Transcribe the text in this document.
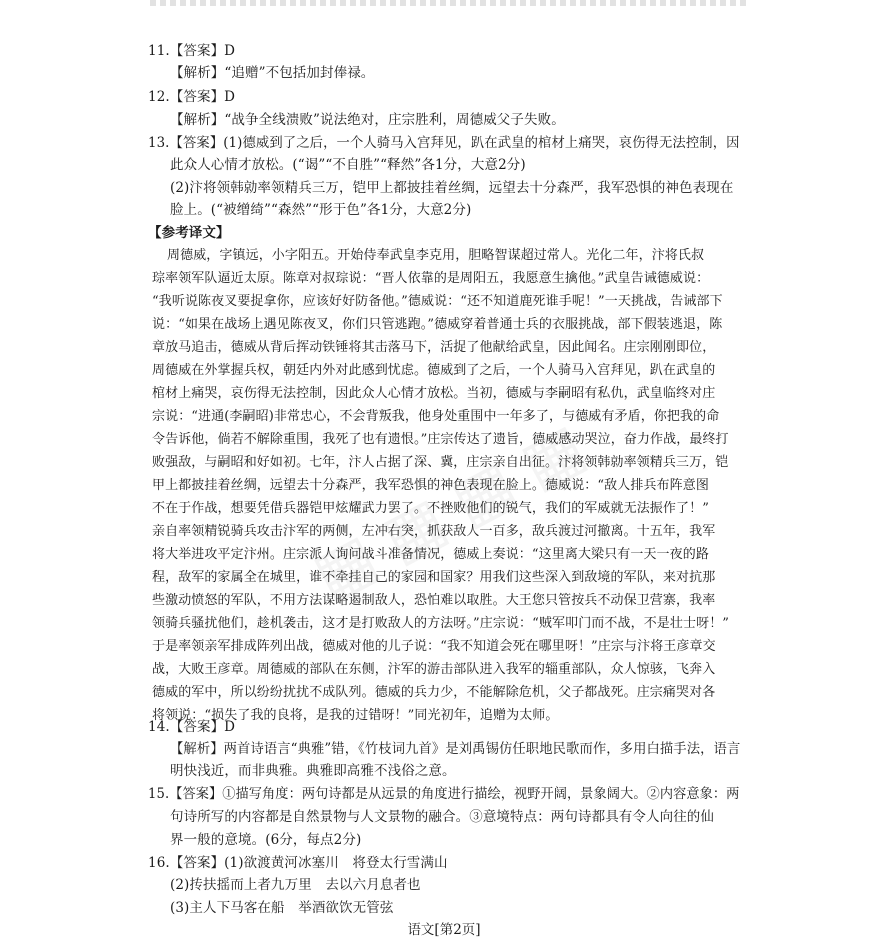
11.【答案】D
【解析】“追赠”不包括加封俸禄。
12.【答案】D
【解析】“战争全线溃败”说法绝对，庄宗胜利，周德威父子失败。
13.【答案】(1)德威到了之后，一个人骑马入宫拜见，趴在武皇的棺材上痛哭，哀伤得无法控制，因
此众人心情才放松。(“谒”“不自胜”“释然”各1分，大意2分)
(2)汴将领韩勍率领精兵三万，铠甲上都披挂着丝绸，远望去十分森严，我军恐惧的神色表现在
脸上。(“被缯绮”“森然”“形于色”各1分，大意2分)
【参考译文】
周德威，字镇远，小字阳五。开始侍奉武皇李克用，胆略智谋超过常人。光化二年，汴将氏叔
琮率领军队逼近太原。陈章对叔琮说：“晋人依靠的是周阳五，我愿意生擒他。”武皇告诫德威说：
“我听说陈夜叉要捉拿你，应该好好防备他。”德威说：“还不知道鹿死谁手呢！”一天挑战，告诫部下
说：“如果在战场上遇见陈夜叉，你们只管逃跑。”德威穿着普通士兵的衣服挑战，部下假装逃退，陈
章放马追击，德威从背后挥动铁锤将其击落马下，活捉了他献给武皇，因此闻名。庄宗刚刚即位，
周德威在外掌握兵权，朝廷内外对此感到忧虑。德威到了之后，一个人骑马入宫拜见，趴在武皇的
棺材上痛哭，哀伤得无法控制，因此众人心情才放松。当初，德威与李嗣昭有私仇，武皇临终对庄
宗说：“进通(李嗣昭)非常忠心，不会背叛我，他身处重围中一年多了，与德威有矛盾，你把我的命
令告诉他，倘若不解除重围，我死了也有遗恨。”庄宗传达了遗旨，德威感动哭泣，奋力作战，最终打
败强敌，与嗣昭和好如初。七年，汴人占据了深、冀，庄宗亲自出征。汴将领韩勍率领精兵三万，铠
甲上都披挂着丝绸，远望去十分森严，我军恐惧的神色表现在脸上。德威说：“敌人排兵布阵意图
不在于作战，想要凭借兵器铠甲炫耀武力罢了。不挫败他们的锐气，我们的军威就无法振作了！”
亲自率领精锐骑兵攻击汴军的两侧，左冲右突，抓获敌人一百多，敌兵渡过河撤离。十五年，我军
将大举进攻平定汴州。庄宗派人询问战斗准备情况，德威上奏说：“这里离大梁只有一天一夜的路
程，敌军的家属全在城里，谁不牵挂自己的家园和国家？用我们这些深入到敌境的军队，来对抗那
些激动愤怒的军队，不用方法谋略遏制敌人，恐怕难以取胜。大王您只管按兵不动保卫营寨，我率
领骑兵骚扰他们，趁机袭击，这才是打败敌人的方法呀。”庄宗说：“贼军叩门而不战，不是壮士呀！”
于是率领亲军排成阵列出战，德威对他的儿子说：“我不知道会死在哪里呀！”庄宗与汴将王彦章交
战，大败王彦章。周德威的部队在东侧，汴军的游击部队进入我军的辎重部队，众人惊骇，飞奔入
德威的军中，所以纷纷扰扰不成队列。德威的兵力少，不能解除危机，父子都战死。庄宗痛哭对各
将领说：“损失了我的良将，是我的过错呀！”同光初年，追赠为太师。
14.【答案】D
【解析】两首诗语言“典雅”错，《竹枝词九首》是刘禹锡仿任职地民歌而作，多用白描手法，语言
明快浅近，而非典雅。典雅即高雅不浅俗之意。
15.【答案】①描写角度：两句诗都是从远景的角度进行描绘，视野开阔，景象阔大。②内容意象：两
句诗所写的内容都是自然景物与人文景物的融合。③意境特点：两句诗都具有令人向往的仙
界一般的意境。(6分，每点2分)
16.【答案】(1)欲渡黄河冰塞川　将登太行雪满山
(2)抟扶摇而上者九万里　去以六月息者也
(3)主人下马客在船　举酒欲饮无管弦
语文[第2页]
